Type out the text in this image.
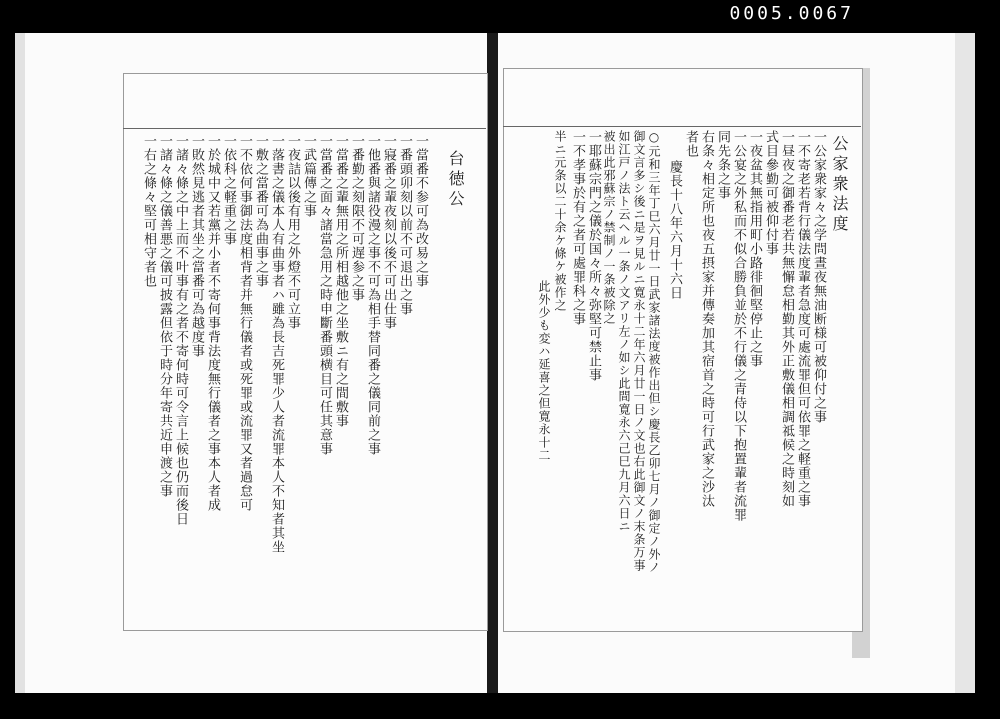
0005.0067
台徳公	公家衆法度
一當番不参可為改易之事
一番頭卯刻以前不可退出之事
一寢番之輩夜刻以後不可出仕事
一他番與諸役漫之事不可為相手替同番之儀同前之事
一番勤之刻限不可遅参之事
一當番之輩無用之所相越他之坐敷ニ有之間敷事
一當番之面々諸當急用之時申斷番頭横目可任其意事
一武篇傳之事
一夜詰以後有用之外燈不可立事
一落書之儀本人有曲事者ハ雖為長吉死罪少人者流罪本人不知者其坐
一敷之當番可為曲事之事
一不依何事御法度相背者并無行儀者或死罪或流罪又者過怠可
一依科之軽重之事
一於城中又若黨并小者不寄何事背法度無行儀者之事本人者成
一敗然見逃者其坐之當番可為越度事
一諸々條之中上而不叶事有之者不寄何時可令言上候也仍而後日
一諸々條之儀善悪之儀可披露但依于時分年寄共近申渡之事
一右之條々堅可相守者也	一公家衆家々之学問晝夜無油断様可被仰付之事
一不寄老若背行儀法度輩者急度可處流罪但可依罪之軽重之事
一昼夜之御番老若共無懈怠相勤其外正敷儀相調祗候之時刻如
式目參勤可被仰付事
一夜盆其無指用町小路徘徊堅停止之事
一公宴之外私而不似合勝負並於不行儀之青侍以下抱置輩者流罪
同先条之事
右条々相定所也夜五摂家并傳奏加其宿首之時可行武家之沙汰
者也
慶長十八年六月十六日
○元和三年丁巳六月廿一日武家諸法度被作出但シ慶長乙卯七月ノ御定ノ外ノ
御文言多シ後ニ是ヲ見ルニ寛永十二年六月廿一日ノ文也右此御文ノ末条万事
如江戸ノ法ト云ヘル一条ノ文アリ左ノ如シ此間寛永六己巳九月六日ニ
被出此邪蘇宗ノ禁制ノ一条被除之
一耶蘇宗門之儀於国々所々弥堅可禁止事
一不孝事於有之者可處罪科之事
半ニ元条以二十余ケ條ケ被作之
此外少も変ハ延喜之但寛永十二
